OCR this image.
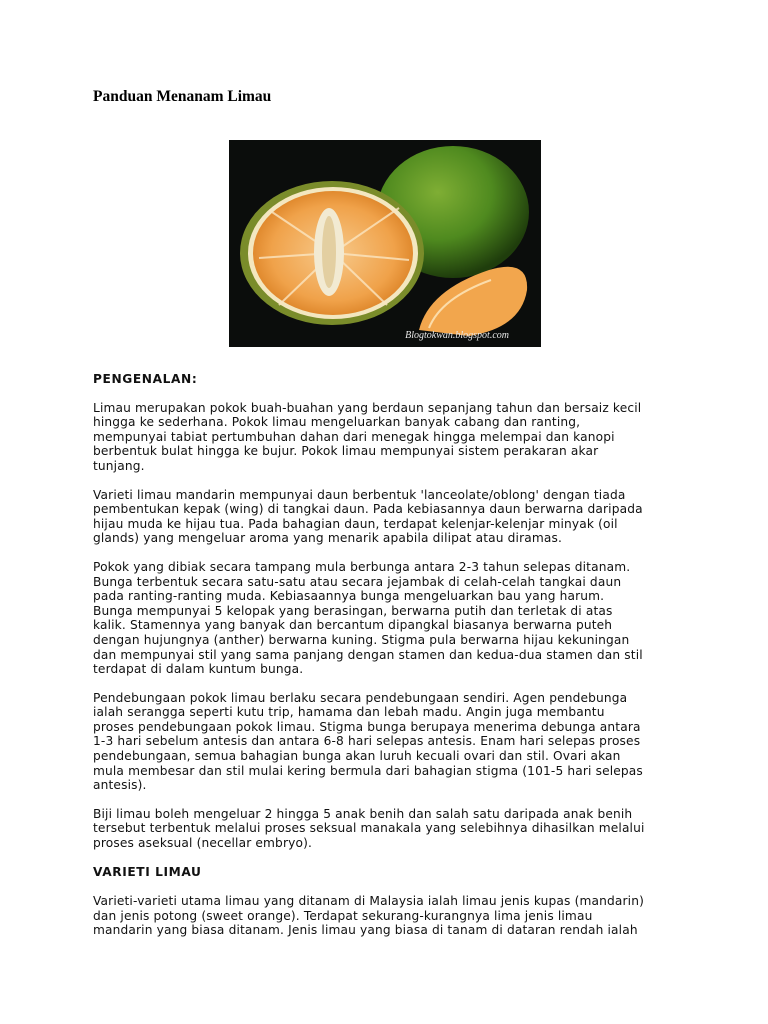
Panduan Menanam Limau
Blogtokwan.blogspot.com

PENGENALAN:

Limau merupakan pokok buah-buahan yang berdaun sepanjang tahun dan bersaiz kecil
hingga ke sederhana. Pokok limau mengeluarkan banyak cabang dan ranting,
mempunyai tabiat pertumbuhan dahan dari menegak hingga melempai dan kanopi
berbentuk bulat hingga ke bujur. Pokok limau mempunyai sistem perakaran akar
tunjang.

Varieti limau mandarin mempunyai daun berbentuk 'lanceolate/oblong' dengan tiada
pembentukan kepak (wing) di tangkai daun. Pada kebiasannya daun berwarna daripada
hijau muda ke hijau tua. Pada bahagian daun, terdapat kelenjar-kelenjar minyak (oil
glands) yang mengeluar aroma yang menarik apabila dilipat atau diramas.

Pokok yang dibiak secara tampang mula berbunga antara 2-3 tahun selepas ditanam.
Bunga terbentuk secara satu-satu atau secara jejambak di celah-celah tangkai daun
pada ranting-ranting muda. Kebiasaannya bunga mengeluarkan bau yang harum.
Bunga mempunyai 5 kelopak yang berasingan, berwarna putih dan terletak di atas
kalik. Stamennya yang banyak dan bercantum dipangkal biasanya berwarna puteh
dengan hujungnya (anther) berwarna kuning. Stigma pula berwarna hijau kekuningan
dan mempunyai stil yang sama panjang dengan stamen dan kedua-dua stamen dan stil
terdapat di dalam kuntum bunga.

Pendebungaan pokok limau berlaku secara pendebungaan sendiri. Agen pendebunga
ialah serangga seperti kutu trip, hamama dan lebah madu. Angin juga membantu
proses pendebungaan pokok limau. Stigma bunga berupaya menerima debunga antara
1-3 hari sebelum antesis dan antara 6-8 hari selepas antesis. Enam hari selepas proses
pendebungaan, semua bahagian bunga akan luruh kecuali ovari dan stil. Ovari akan
mula membesar dan stil mulai kering bermula dari bahagian stigma (101-5 hari selepas
antesis).

Biji limau boleh mengeluar 2 hingga 5 anak benih dan salah satu daripada anak benih
tersebut terbentuk melalui proses seksual manakala yang selebihnya dihasilkan melalui
proses aseksual (necellar embryo).

VARIETI LIMAU

Varieti-varieti utama limau yang ditanam di Malaysia ialah limau jenis kupas (mandarin)
dan jenis potong (sweet orange). Terdapat sekurang-kurangnya lima jenis limau
mandarin yang biasa ditanam. Jenis limau yang biasa di tanam di dataran rendah ialah
